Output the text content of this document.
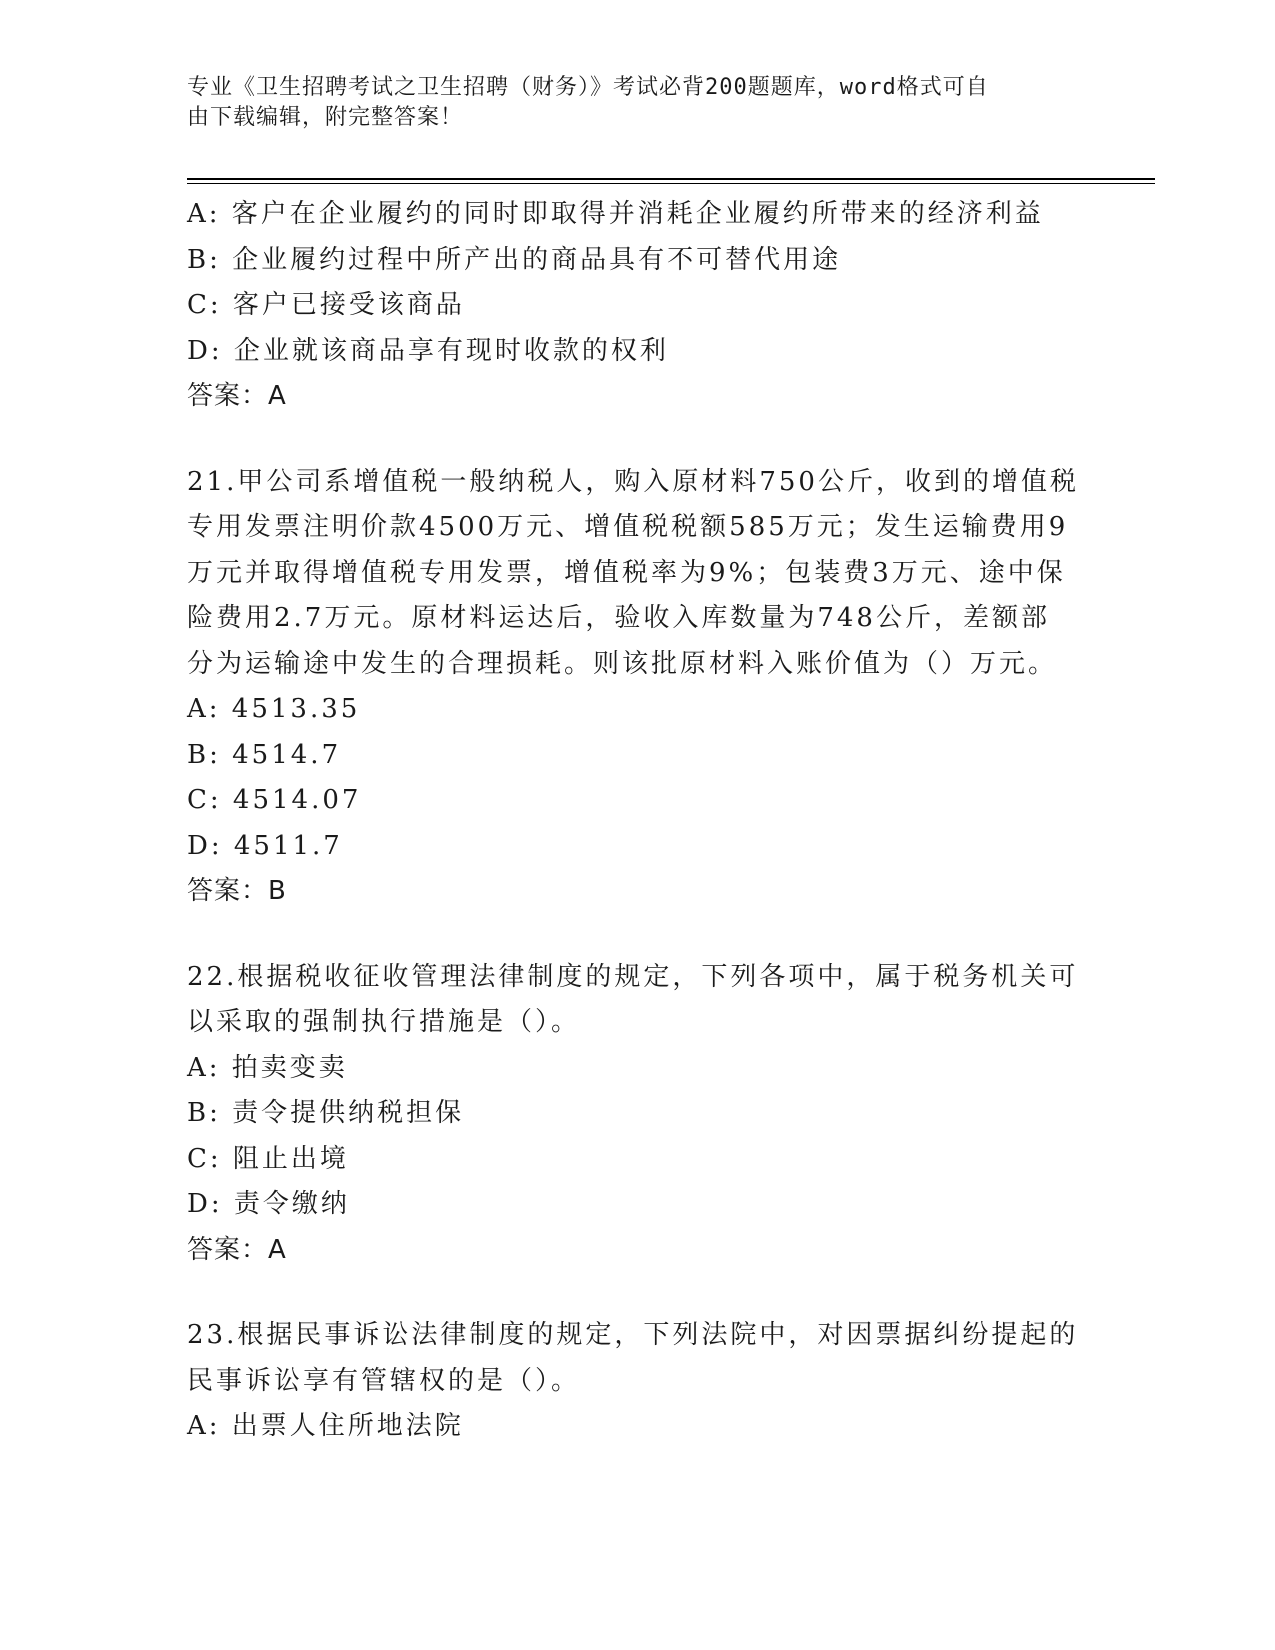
专业《卫生招聘考试之卫生招聘（财务）》考试必背200题题库，word格式可自
由下载编辑，附完整答案！
A: 客户在企业履约的同时即取得并消耗企业履约所带来的经济利益
B: 企业履约过程中所产出的商品具有不可替代用途
C: 客户已接受该商品
D: 企业就该商品享有现时收款的权利
答案：A
21.甲公司系增值税一般纳税人，购入原材料750公斤，收到的增值税
专用发票注明价款4500万元、增值税税额585万元；发生运输费用9
万元并取得增值税专用发票，增值税率为9%；包装费3万元、途中保
险费用2.7万元。原材料运达后，验收入库数量为748公斤，差额部
分为运输途中发生的合理损耗。则该批原材料入账价值为（）万元。
A: 4513.35
B: 4514.7
C: 4514.07
D: 4511.7
答案：B
22.根据税收征收管理法律制度的规定，下列各项中，属于税务机关可
以采取的强制执行措施是（）。
A: 拍卖变卖
B: 责令提供纳税担保
C: 阻止出境
D: 责令缴纳
答案：A
23.根据民事诉讼法律制度的规定，下列法院中，对因票据纠纷提起的
民事诉讼享有管辖权的是（）。
A: 出票人住所地法院
